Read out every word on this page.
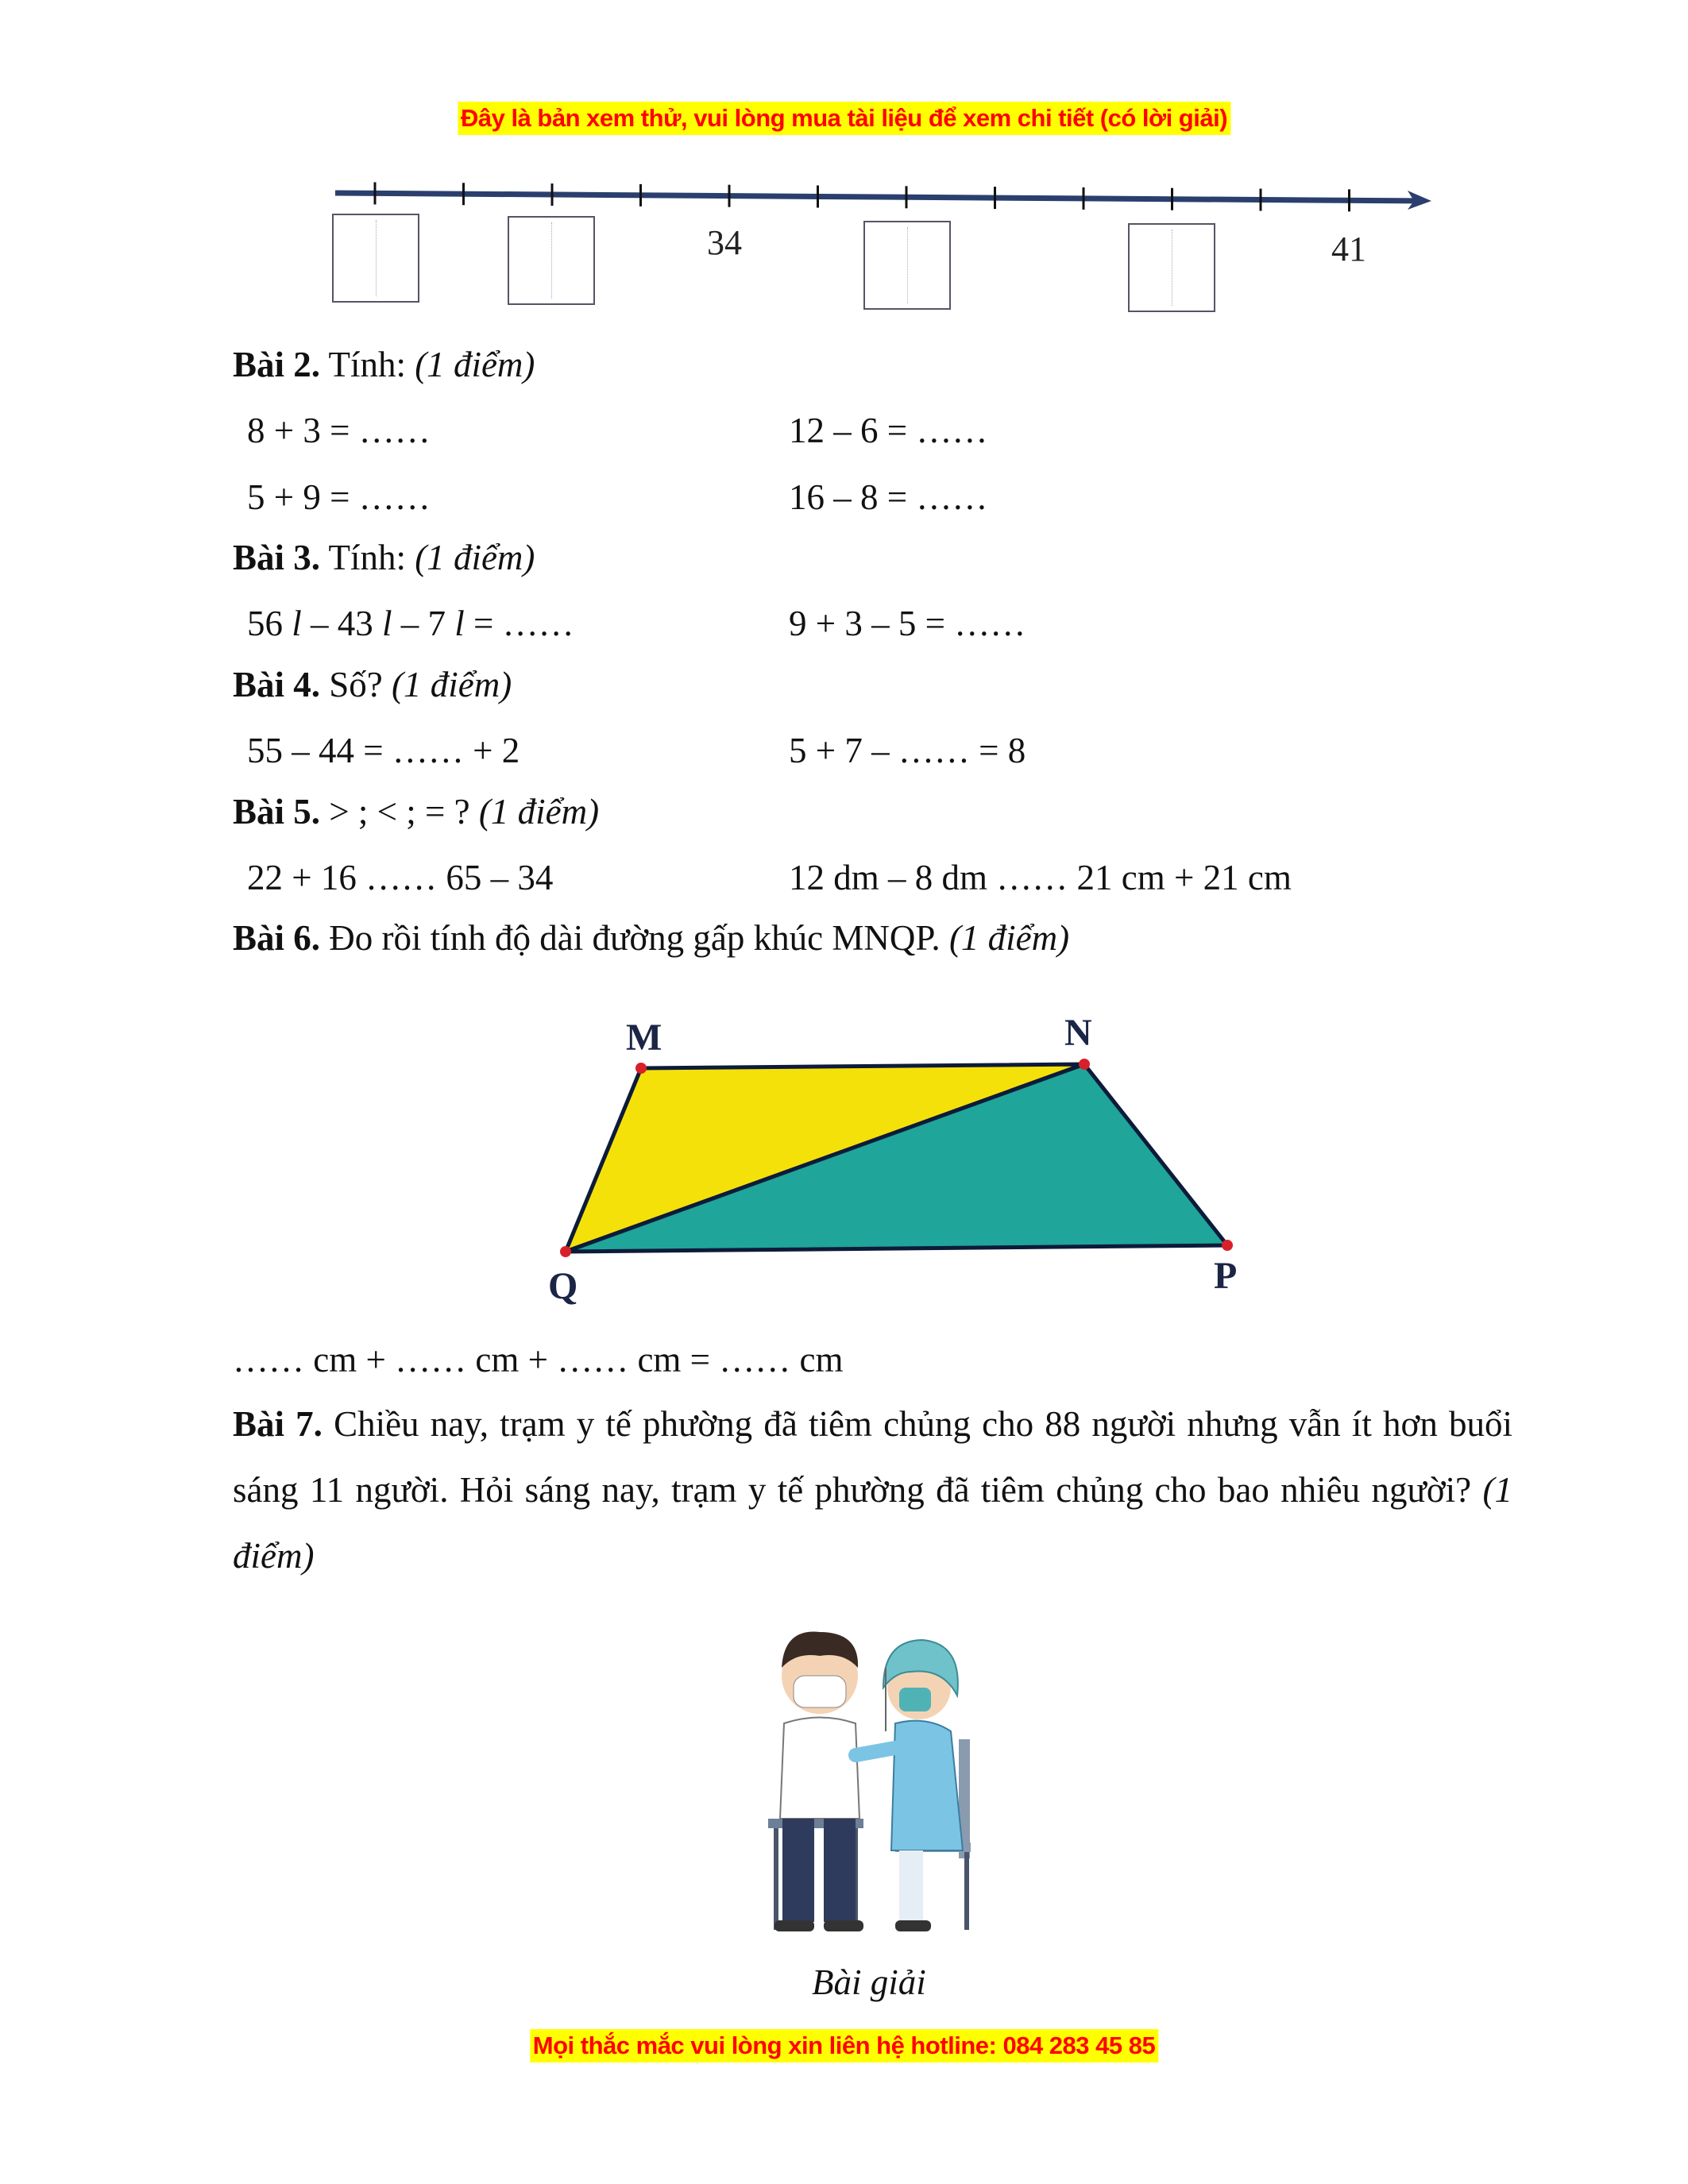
Đây là bản xem thử, vui lòng mua tài liệu để xem chi tiết (có lời giải)
34	41
Bài 2. Tính: (1 điểm)
8 + 3 = ……	12 – 6 = ……
5 + 9 = ……	16 – 8 = ……
Bài 3. Tính: (1 điểm)
56 l – 43 l – 7 l = ……	9 + 3 – 5 = ……
Bài 4. Số? (1 điểm)
55 – 44 = …… + 2	5 + 7 – …… = 8
Bài 5. > ; < ; = ? (1 điểm)
22 + 16 …… 65 – 34	12 dm – 8 dm …… 21 cm + 21 cm
Bài 6. Đo rồi tính độ dài đường gấp khúc MNQP. (1 điểm)
M	N
Q	P
…… cm + …… cm + …… cm = …… cm
Bài 7. Chiều nay, trạm y tế phường đã tiêm chủng cho 88 người nhưng vẫn ít hơn buổi sáng 11 người. Hỏi sáng nay, trạm y tế phường đã tiêm chủng cho bao nhiêu người? (1 điểm)
Bài giải
Mọi thắc mắc vui lòng xin liên hệ hotline: 084 283 45 85
